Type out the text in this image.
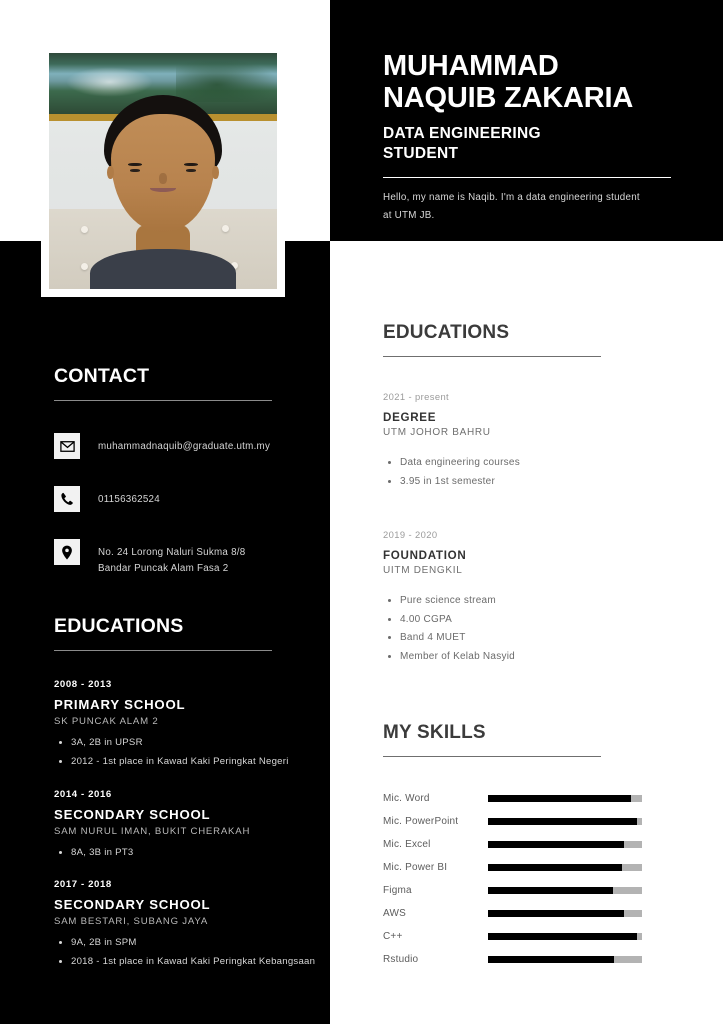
MUHAMMAD
NAQUIB ZAKARIA
DATA ENGINEERING
STUDENT
Hello, my name is Naqib. I'm a data engineering student at UTM JB.
CONTACT
muhammadnaquib@graduate.utm.my
01156362524
No. 24 Lorong Naluri Sukma 8/8
Bandar Puncak Alam Fasa 2
EDUCATIONS
2008 - 2013
PRIMARY SCHOOL
SK PUNCAK ALAM 2
• 3A, 2B in UPSR
• 2012 - 1st place in Kawad Kaki Peringkat Negeri
2014 - 2016
SECONDARY SCHOOL
SAM NURUL IMAN, BUKIT CHERAKAH
• 8A, 3B in PT3
2017 - 2018
SECONDARY SCHOOL
SAM BESTARI, SUBANG JAYA
• 9A, 2B in SPM
• 2018 - 1st place in Kawad Kaki Peringkat Kebangsaan
EDUCATIONS
2021 - present
DEGREE
UTM JOHOR BAHRU
• Data engineering courses
• 3.95 in 1st semester
2019 - 2020
FOUNDATION
UITM DENGKIL
• Pure science stream
• 4.00 CGPA
• Band 4 MUET
• Member of Kelab Nasyid
MY SKILLS
Mic. Word
Mic. PowerPoint
Mic. Excel
Mic. Power BI
Figma
AWS
C++
Rstudio
